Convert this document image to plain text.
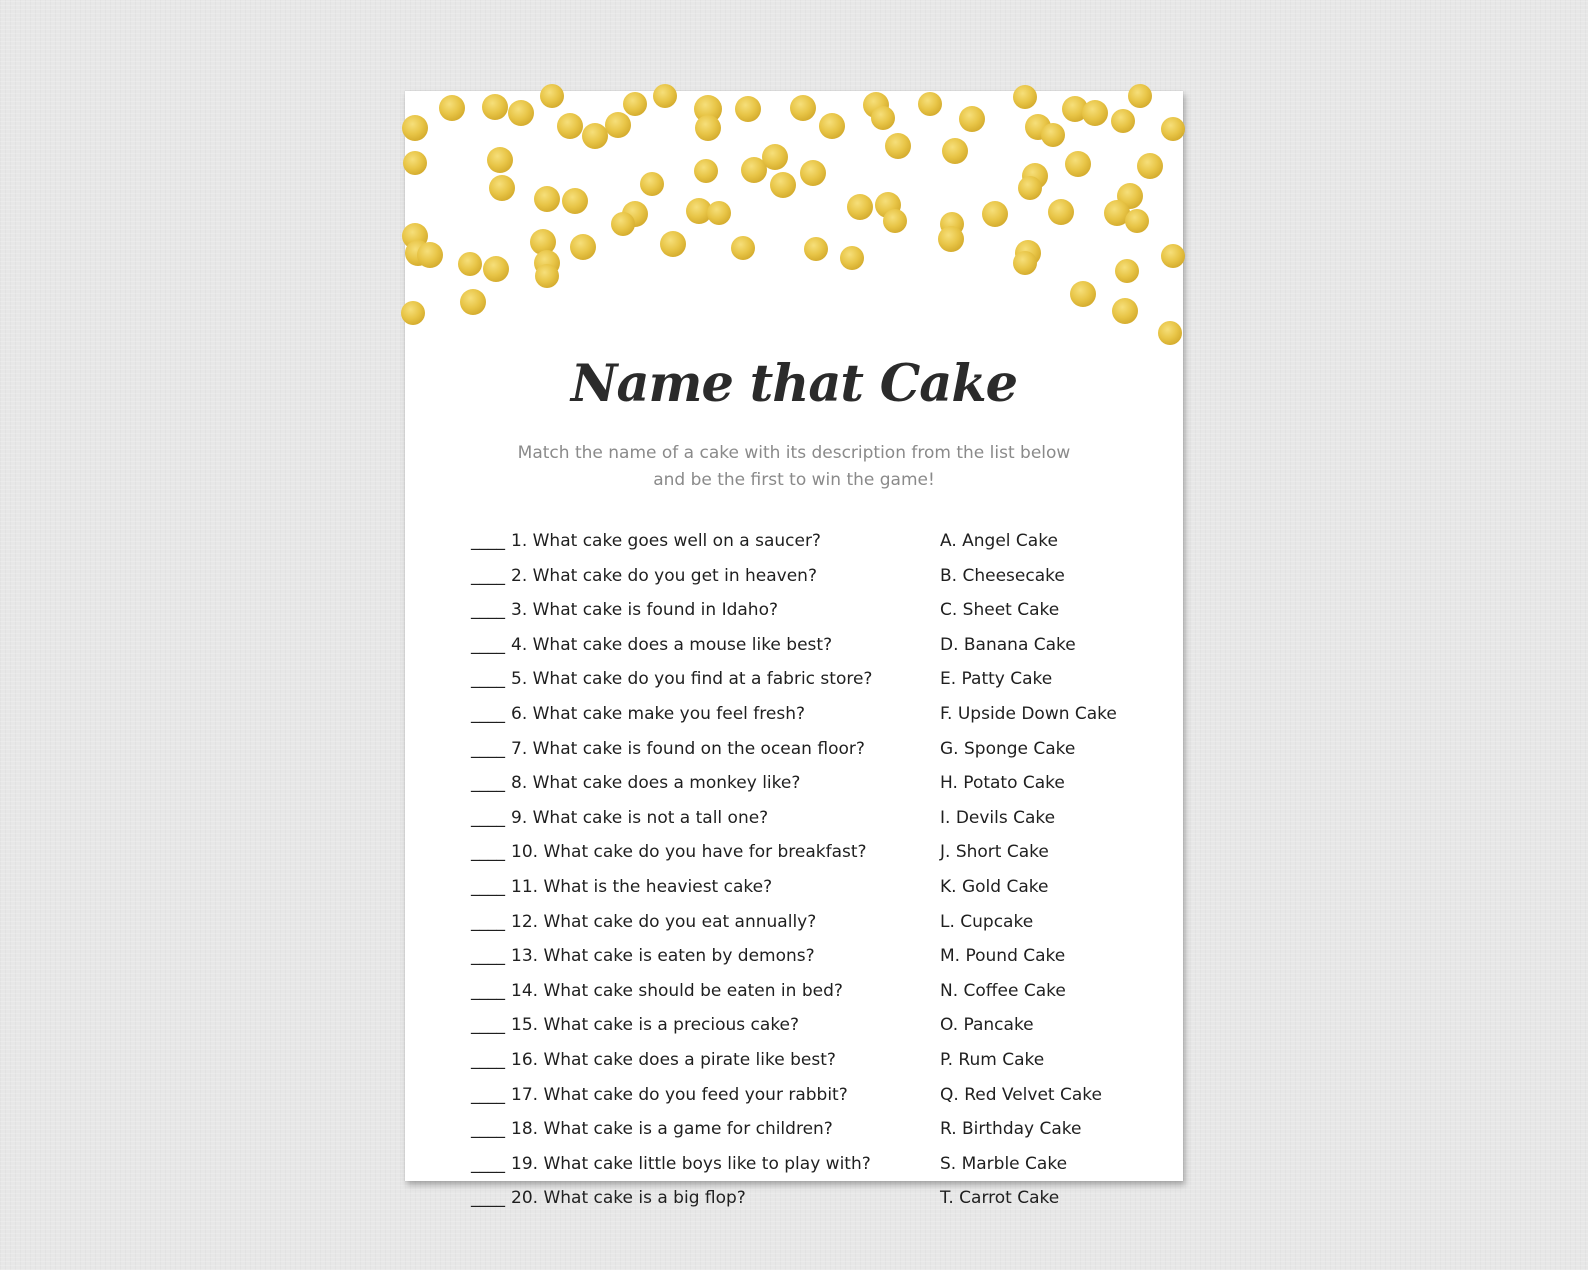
Name that Cake
Match the name of a cake with its description from the list below
and be the first to win the game!
____ 1. What cake goes well on a saucer?
____ 2. What cake do you get in heaven?
____ 3. What cake is found in Idaho?
____ 4. What cake does a mouse like best?
____ 5. What cake do you find at a fabric store?
____ 6. What cake make you feel fresh?
____ 7. What cake is found on the ocean floor?
____ 8. What cake does a monkey like?
____ 9. What cake is not a tall one?
____ 10. What cake do you have for breakfast?
____ 11. What is the heaviest cake?
____ 12. What cake do you eat annually?
____ 13. What cake is eaten by demons?
____ 14. What cake should be eaten in bed?
____ 15. What cake is a precious cake?
____ 16. What cake does a pirate like best?
____ 17. What cake do you feed your rabbit?
____ 18. What cake is a game for children?
____ 19. What cake little boys like to play with?
____ 20. What cake is a big flop?
A. Angel Cake
B. Cheesecake
C. Sheet Cake
D. Banana Cake
E. Patty Cake
F. Upside Down Cake
G. Sponge Cake
H. Potato Cake
I. Devils Cake
J. Short Cake
K. Gold Cake
L. Cupcake
M. Pound Cake
N. Coffee Cake
O. Pancake
P. Rum Cake
Q. Red Velvet Cake
R. Birthday Cake
S. Marble Cake
T. Carrot Cake
